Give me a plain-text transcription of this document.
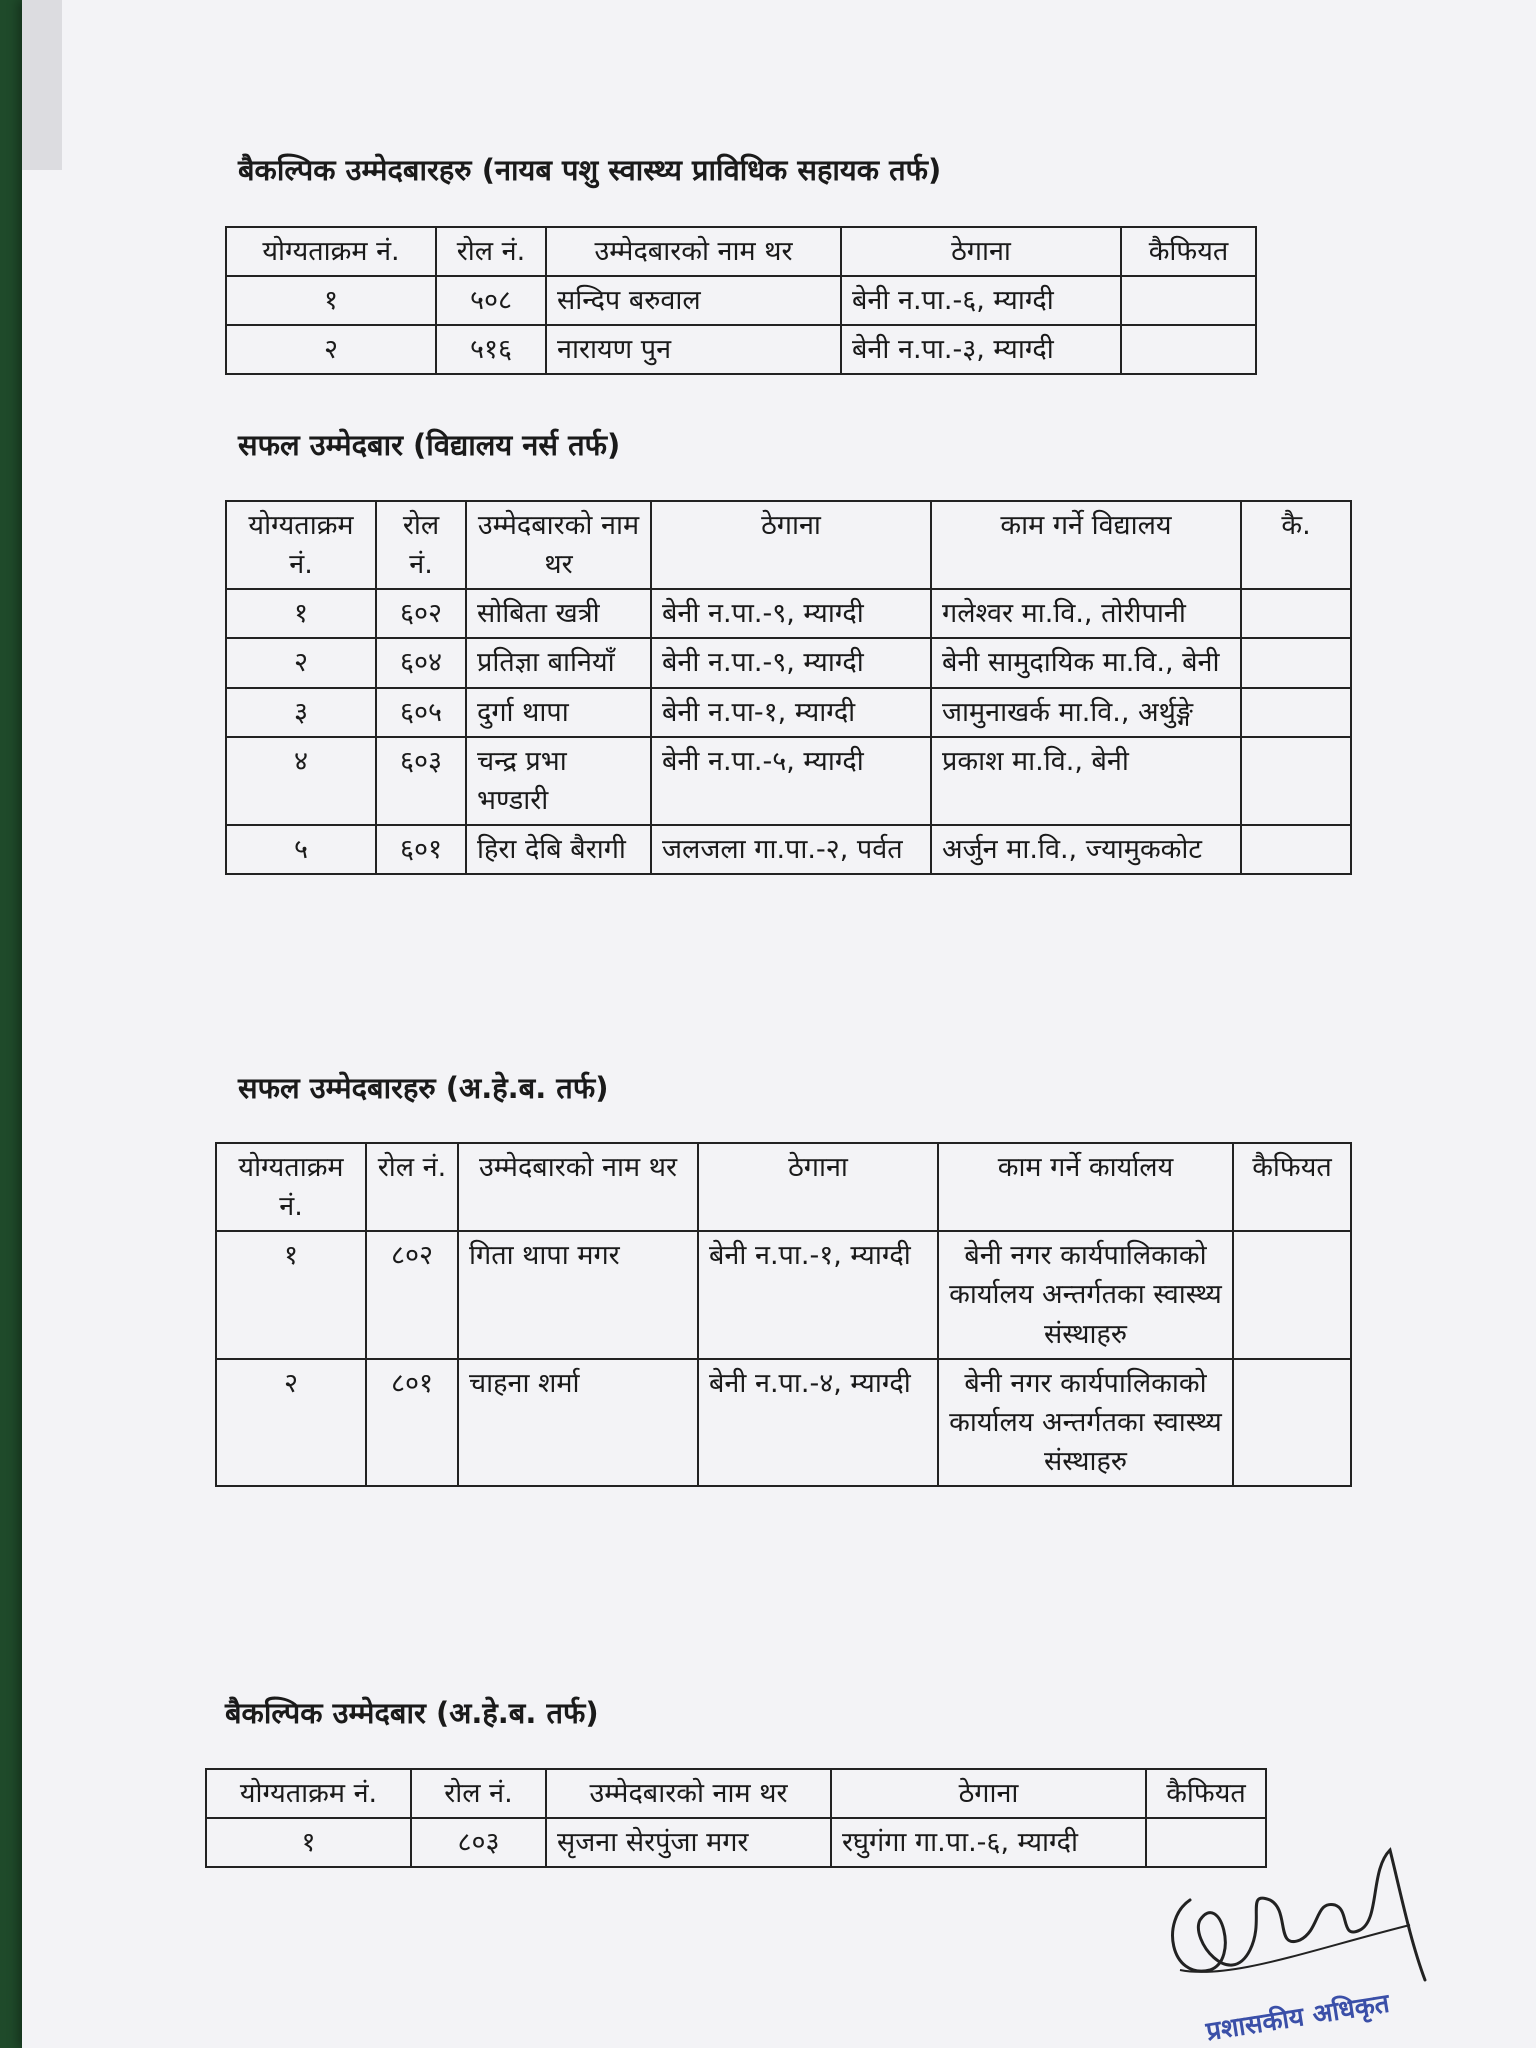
बैकल्पिक उम्मेदबारहरु (नायब पशु स्वास्थ्य प्राविधिक सहायक तर्फ)
योग्यताक्रम नं.	रोल नं.	उम्मेदबारको नाम थर	ठेगाना	कैफियत
१	५०८	सन्दिप बरुवाल	बेनी न.पा.-६, म्याग्दी	
२	५१६	नारायण पुन	बेनी न.पा.-३, म्याग्दी	
सफल उम्मेदबार (विद्यालय नर्स तर्फ)
योग्यताक्रम नं.	रोल नं.	उम्मेदबारको नाम थर	ठेगाना	काम गर्ने विद्यालय	कै.
१	६०२	सोबिता खत्री	बेनी न.पा.-९, म्याग्दी	गलेश्वर मा.वि., तोरीपानी	
२	६०४	प्रतिज्ञा बानियाँ	बेनी न.पा.-९, म्याग्दी	बेनी सामुदायिक मा.वि., बेनी	
३	६०५	दुर्गा थापा	बेनी न.पा-१, म्याग्दी	जामुनाखर्क मा.वि., अर्थुङ्गे	
४	६०३	चन्द्र प्रभा भण्डारी	बेनी न.पा.-५, म्याग्दी	प्रकाश मा.वि., बेनी	
५	६०१	हिरा देबि बैरागी	जलजला गा.पा.-२, पर्वत	अर्जुन मा.वि., ज्यामुककोट	
सफल उम्मेदबारहरु (अ.हे.ब. तर्फ)
योग्यताक्रम नं.	रोल नं.	उम्मेदबारको नाम थर	ठेगाना	काम गर्ने कार्यालय	कैफियत
१	८०२	गिता थापा मगर	बेनी न.पा.-१, म्याग्दी	बेनी नगर कार्यपालिकाको कार्यालय अन्तर्गतका स्वास्थ्य संस्थाहरु	
२	८०१	चाहना शर्मा	बेनी न.पा.-४, म्याग्दी	बेनी नगर कार्यपालिकाको कार्यालय अन्तर्गतका स्वास्थ्य संस्थाहरु	
बैकल्पिक उम्मेदबार (अ.हे.ब. तर्फ)
योग्यताक्रम नं.	रोल नं.	उम्मेदबारको नाम थर	ठेगाना	कैफियत
१	८०३	सृजना सेरपुंजा मगर	रघुगंगा गा.पा.-६, म्याग्दी	
प्रशासकीय अधिकृत
